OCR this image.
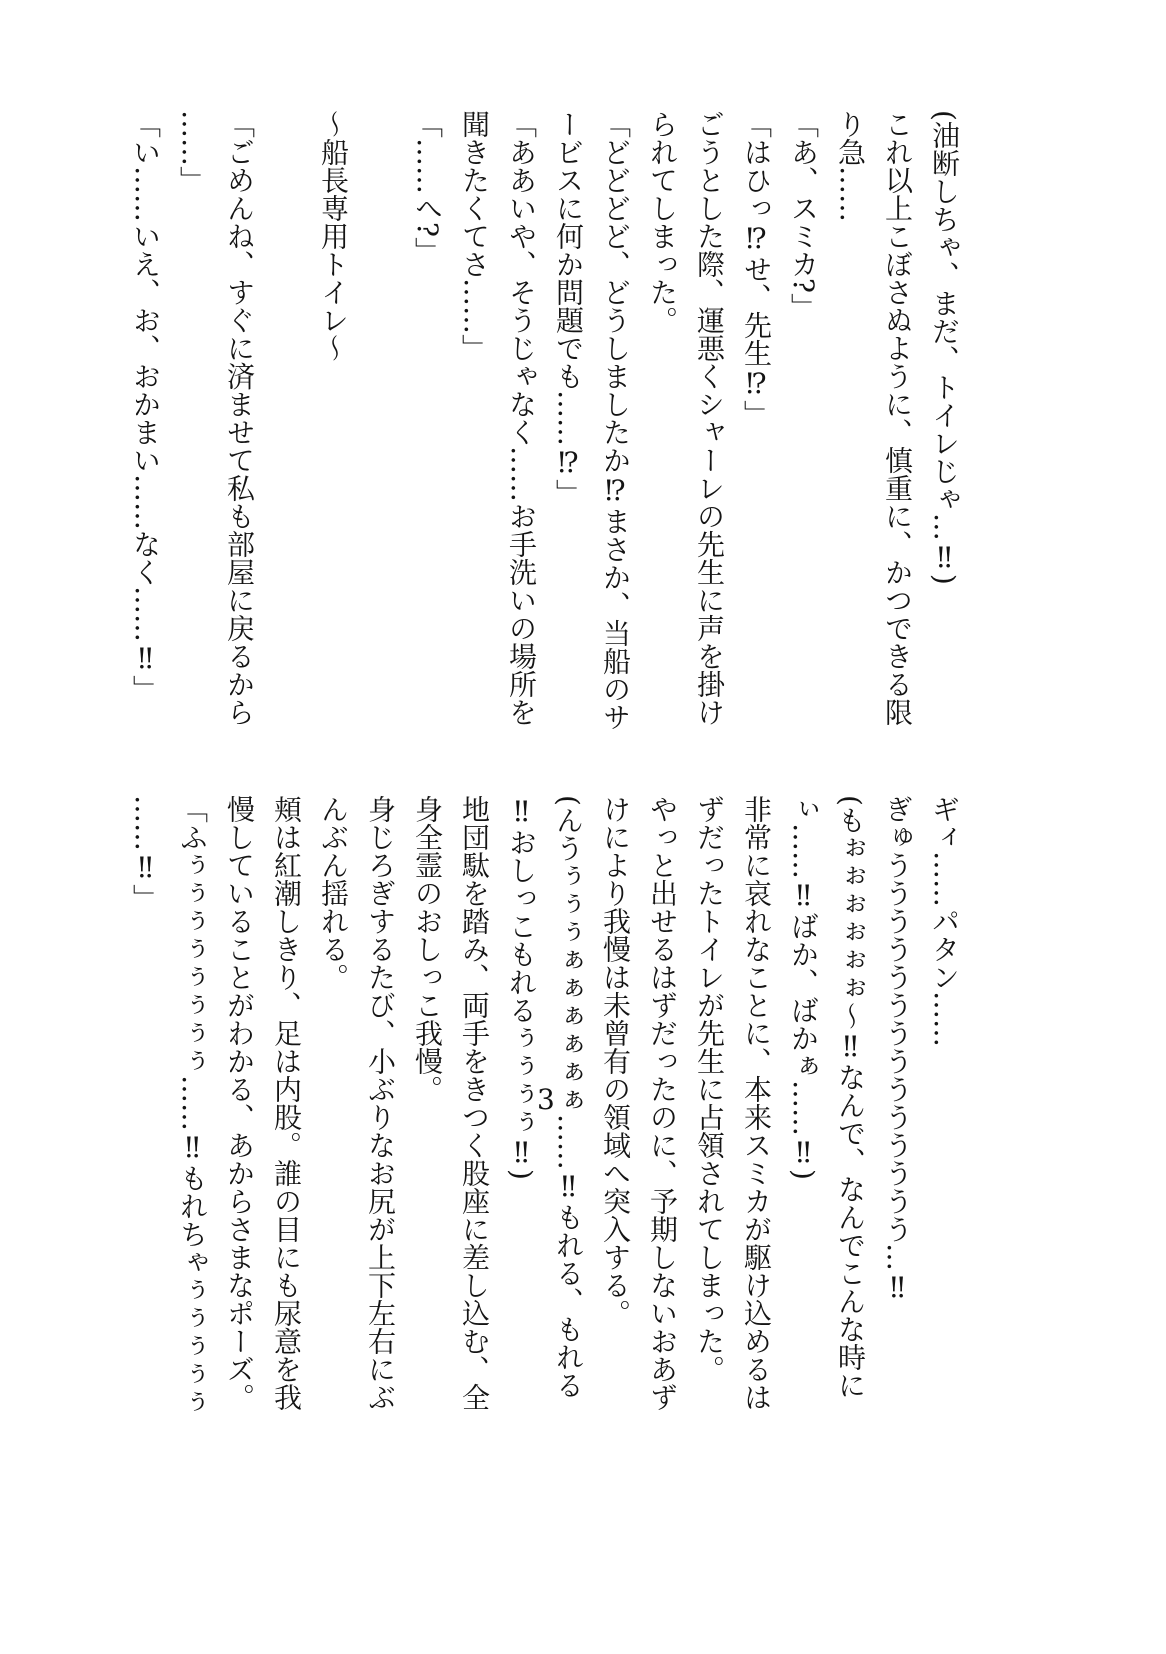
(油断しちゃ、まだ、トイレじゃ…‼)
これ以上こぼさぬように、慎重に、かつできる限
り急……
「あ、スミカ?」
「はひっ⁉せ、先生⁉」
ごうとした際、運悪くシャーレの先生に声を掛け
られてしまった。
「どどどど、どうしましたか⁉まさか、当船のサ
ービスに何か問題でも……⁉」
「ああいや、そうじゃなく……お手洗いの場所を
聞きたくてさ……」
「……へ?」
〜船長専用トイレ〜
「ごめんね、すぐに済ませて私も部屋に戻るから
……」
「い……いえ、お、おかまい……なく……‼」
ギィ……パタン……
ぎゅうううううううううううううう…‼
(もぉぉぉぉぉぉ〜‼なんで、なんでこんな時に
ぃ……‼ばか、ばかぁ……‼)
非常に哀れなことに、本来スミカが駆け込めるは
ずだったトイレが先生に占領されてしまった。
やっと出せるはずだったのに、予期しないおあず
けにより我慢は未曾有の領域へ突入する。
(んうぅぅぅぁぁぁぁぁぁ……‼もれる、もれる
‼おしっこもれるぅぅぅぅ‼)
地団駄を踏み、両手をきつく股座に差し込む、全
身全霊のおしっこ我慢。
身じろぎするたび、小ぶりなお尻が上下左右にぶ
んぶん揺れる。
頬は紅潮しきり、足は内股。誰の目にも尿意を我
慢していることがわかる、あからさまなポーズ。
「ふぅぅぅぅぅぅぅぅ……‼もれちゃぅぅぅぅぅ
……‼」
3
